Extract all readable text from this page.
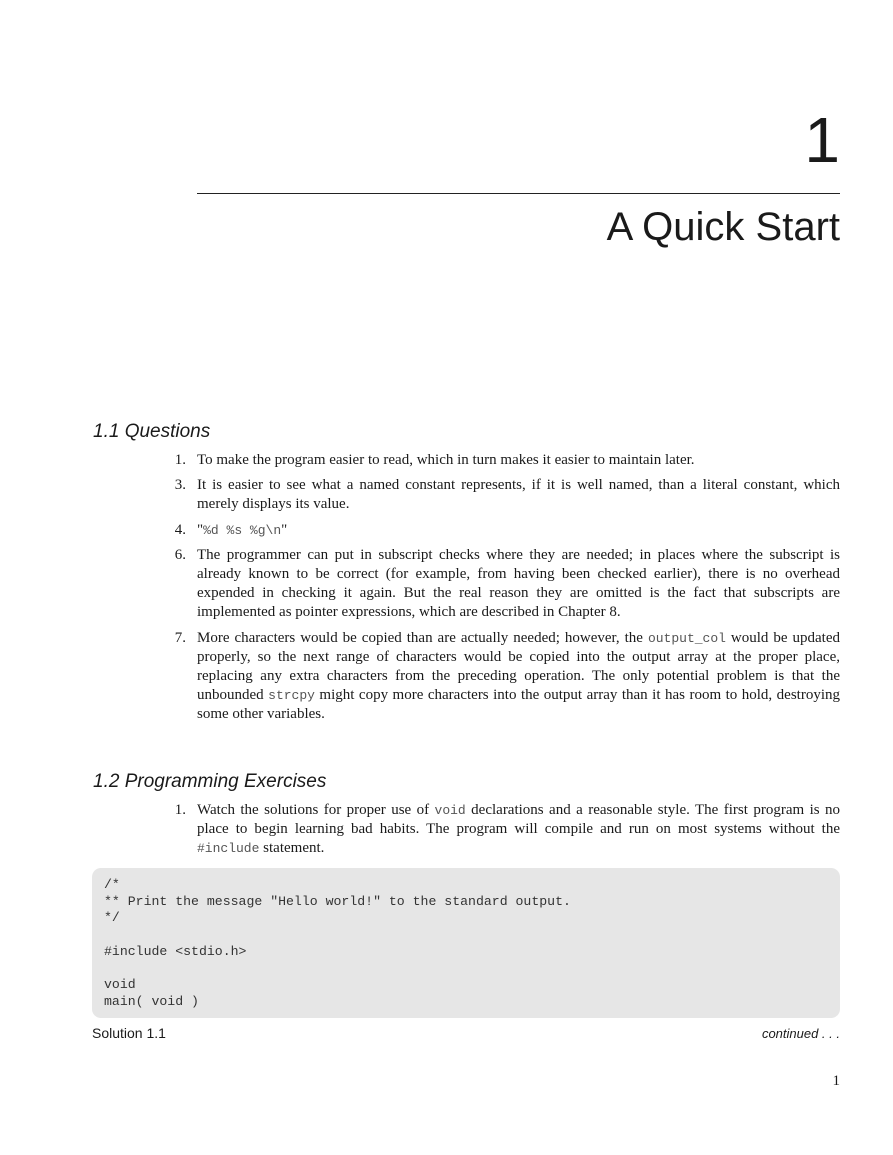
1
A Quick Start
1.1 Questions
1. To make the program easier to read, which in turn makes it easier to maintain later.
3. It is easier to see what a named constant represents, if it is well named, than a literal constant, which merely displays its value.
4. "%d %s %g\n"
6. The programmer can put in subscript checks where they are needed; in places where the subscript is already known to be correct (for example, from having been checked earlier), there is no overhead expended in checking it again. But the real reason they are omitted is the fact that subscripts are implemented as pointer expressions, which are described in Chapter 8.
7. More characters would be copied than are actually needed; however, the output_col would be updated properly, so the next range of characters would be copied into the output array at the proper place, replacing any extra characters from the preceding operation. The only potential problem is that the unbounded strcpy might copy more characters into the output array than it has room to hold, destroying some other variables.
1.2 Programming Exercises
1. Watch the solutions for proper use of void declarations and a reasonable style. The first program is no place to begin learning bad habits. The program will compile and run on most systems without the #include statement.
/*
** Print the message "Hello world!" to the standard output.
*/

#include <stdio.h>

void
main( void )
Solution 1.1	continued . . .
1
